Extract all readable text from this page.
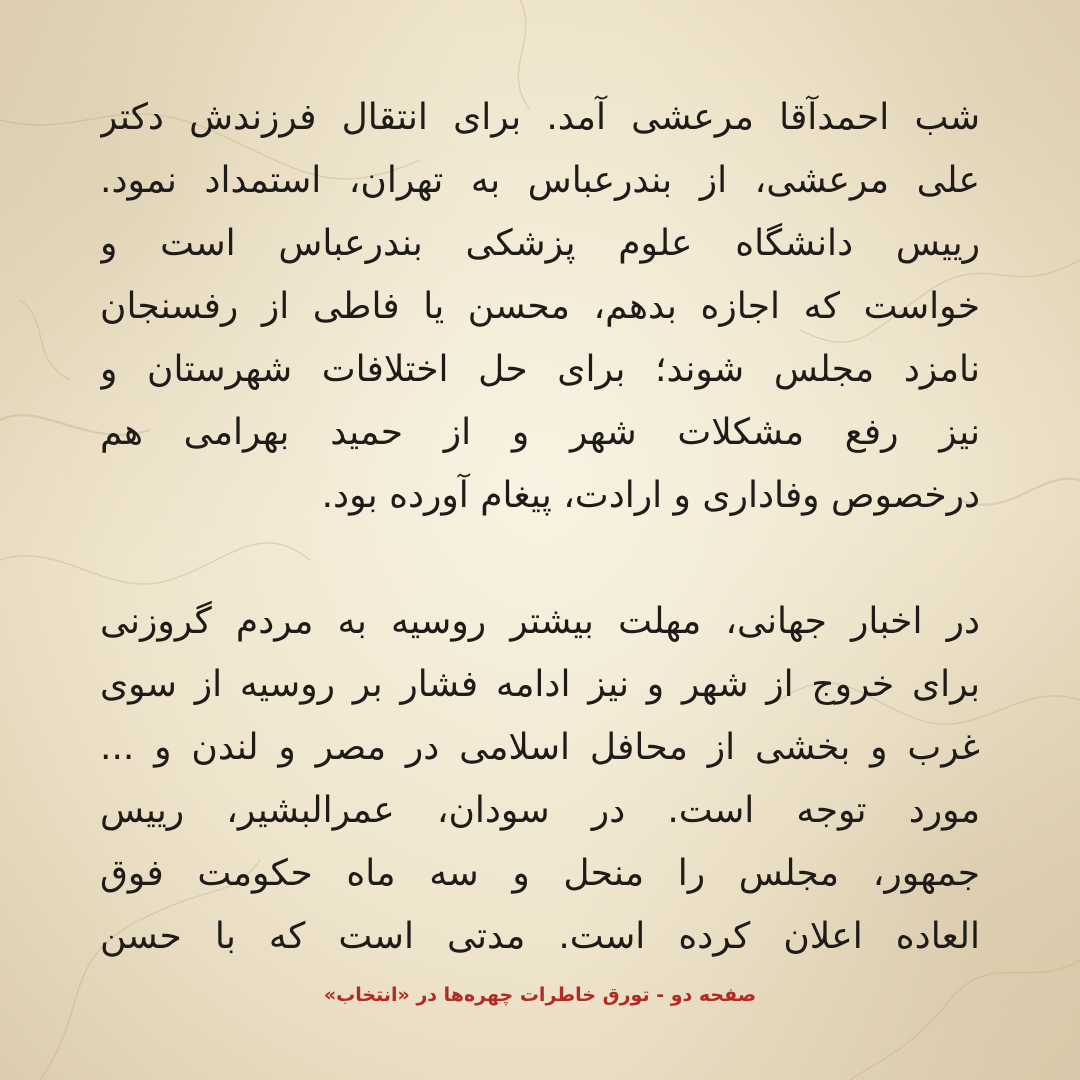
شب احمدآقا مرعشی آمد. برای انتقال فرزندش دکتر
علی مرعشی، از بندرعباس به تهران، استمداد نمود.
رییس دانشگاه علوم پزشکی بندرعباس است و
خواست که اجازه بدهم، محسن یا فاطی از رفسنجان
نامزد مجلس شوند؛ برای حل اختلافات شهرستان و
نیز رفع مشکلات شهر و از حمید بهرامی هم
درخصوص وفاداری و ارادت، پیغام آورده بود.
در اخبار جهانی، مهلت بیشتر روسیه به مردم گروزنی
برای خروج از شهر و نیز ادامه فشار بر روسیه از سوی
غرب و بخشی از محافل اسلامی در مصر و لندن و ...
مورد توجه است. در سودان، عمرالبشیر، رییس
جمهور، مجلس را منحل و سه ماه حکومت فوق
العاده اعلان کرده است. مدتی است که با حسن
صفحه دو - تورق خاطرات چهره‌ها در «انتخاب»
